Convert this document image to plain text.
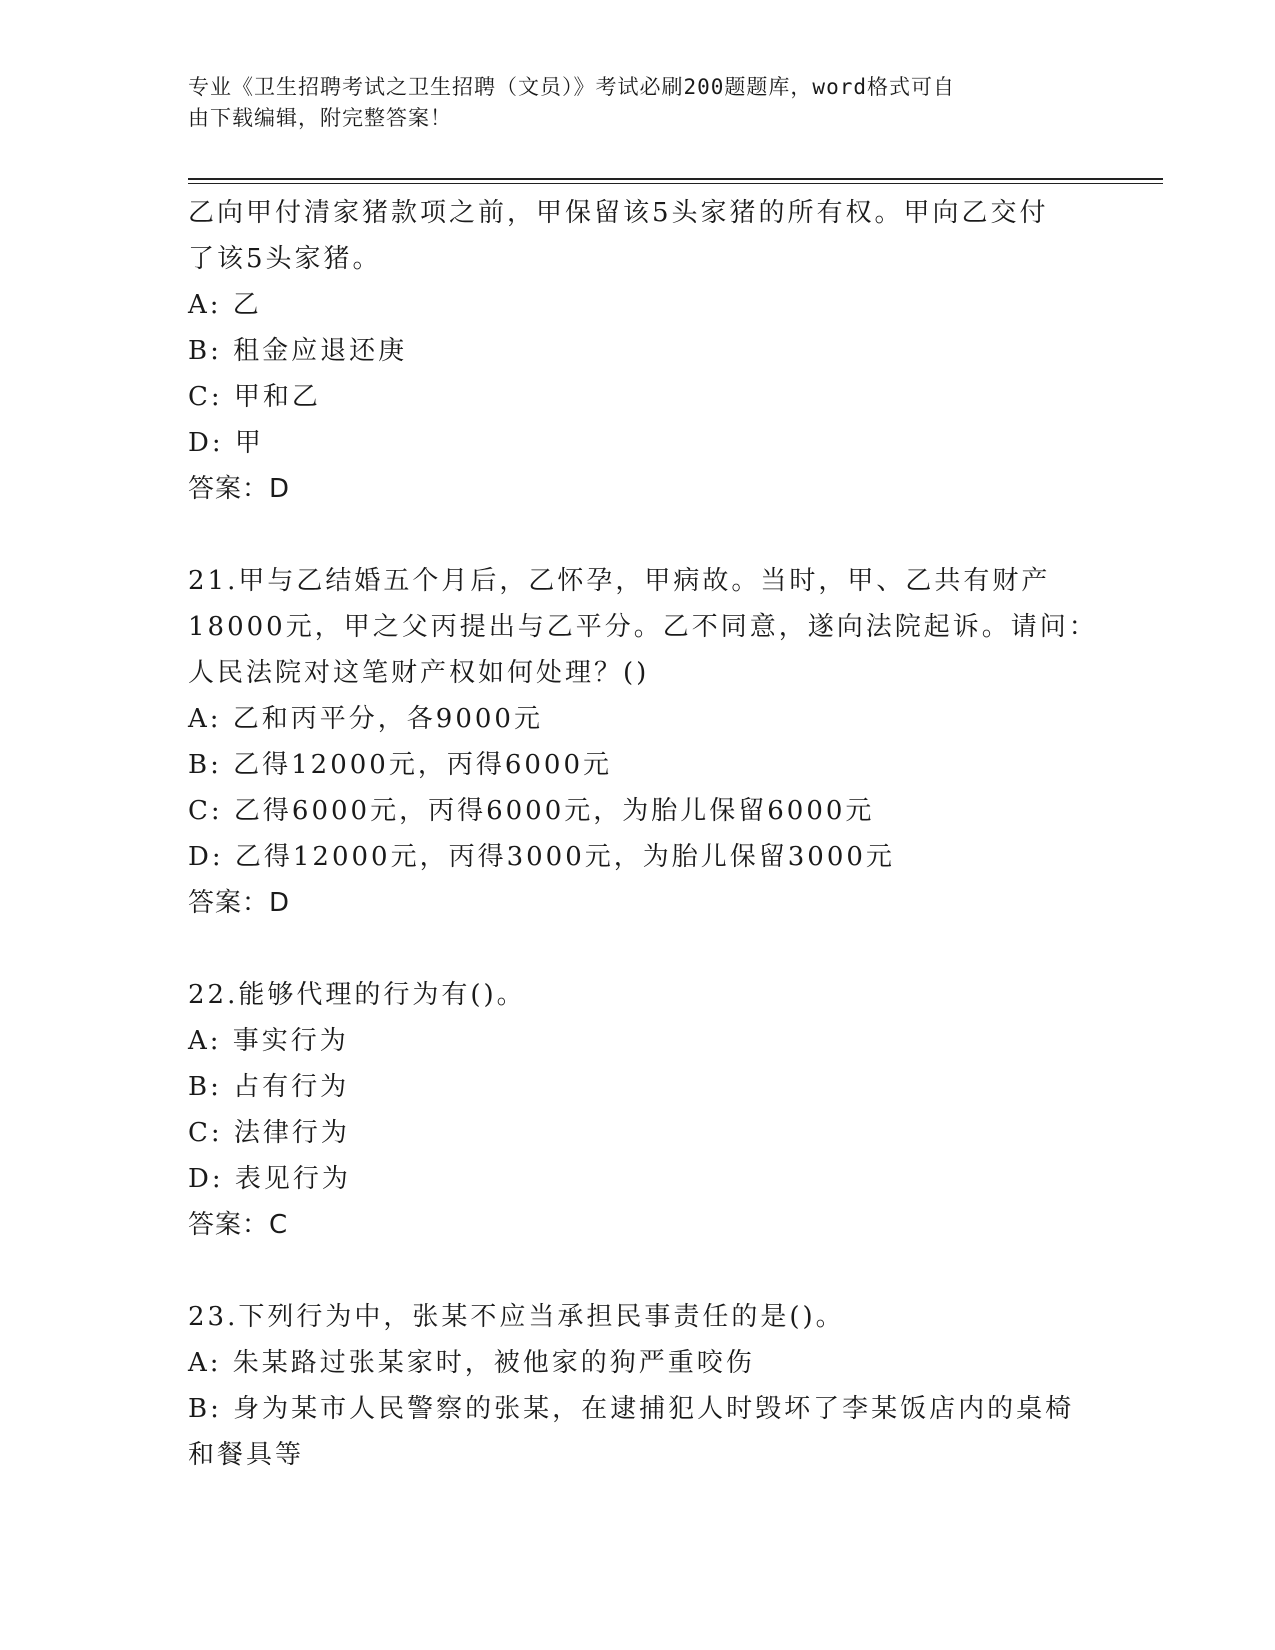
专业《卫生招聘考试之卫生招聘（文员）》考试必刷200题题库，word格式可自
由下载编辑，附完整答案！
乙向甲付清家猪款项之前，甲保留该5头家猪的所有权。甲向乙交付
了该5头家猪。
A: 乙
B: 租金应退还庚
C: 甲和乙
D: 甲
答案：D
21.甲与乙结婚五个月后，乙怀孕，甲病故。当时，甲、乙共有财产
18000元，甲之父丙提出与乙平分。乙不同意，遂向法院起诉。请问：
人民法院对这笔财产权如何处理？()
A: 乙和丙平分，各9000元
B: 乙得12000元，丙得6000元
C: 乙得6000元，丙得6000元，为胎儿保留6000元
D: 乙得12000元，丙得3000元，为胎儿保留3000元
答案：D
22.能够代理的行为有()。
A: 事实行为
B: 占有行为
C: 法律行为
D: 表见行为
答案：C
23.下列行为中，张某不应当承担民事责任的是()。
A: 朱某路过张某家时，被他家的狗严重咬伤
B: 身为某市人民警察的张某，在逮捕犯人时毁坏了李某饭店内的桌椅
和餐具等
